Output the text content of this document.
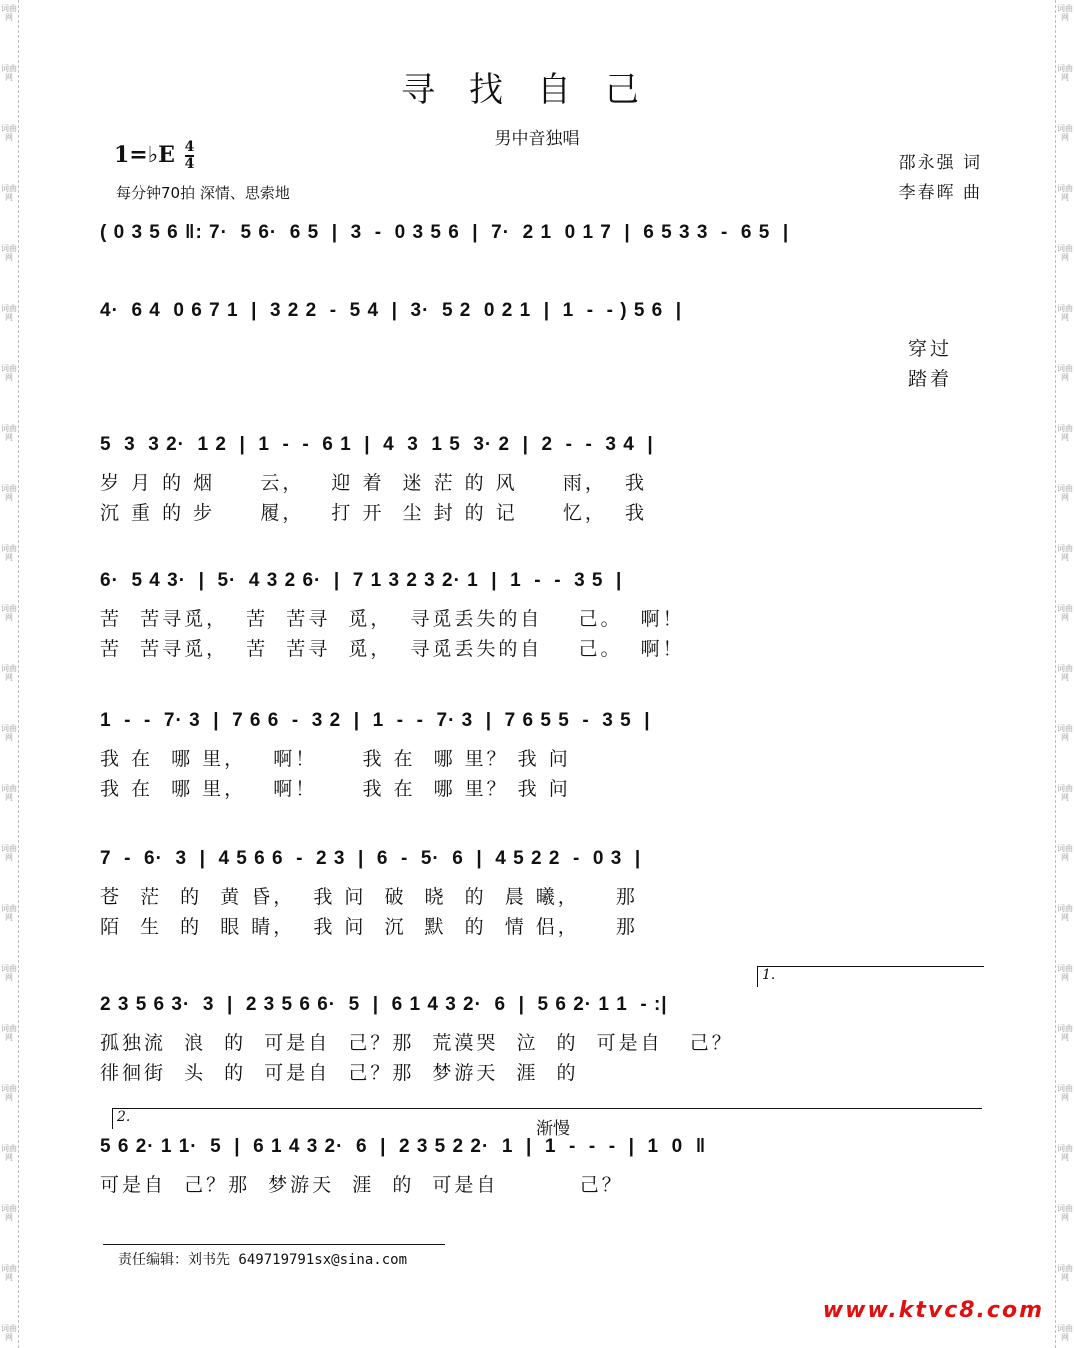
词曲网
词曲网
词曲网
词曲网
词曲网
词曲网
词曲网
词曲网
词曲网
词曲网
词曲网
词曲网
词曲网
词曲网
词曲网
词曲网
词曲网
词曲网
词曲网
词曲网
词曲网
词曲网
词曲网
词曲网
词曲网
词曲网
词曲网
词曲网
词曲网
词曲网
词曲网
词曲网
词曲网
词曲网
词曲网
词曲网
词曲网
词曲网
词曲网
词曲网
词曲网
词曲网
词曲网
词曲网
词曲网
词曲网
寻找自己
男中音独唱
1=♭E $\frac{4}{4}$
每分钟70拍 深情、思索地
邵永强 词
李春晖 曲
( 0 3 5 6 ‖: 7·  5 6·  6 5  |  3  -  0 3 5 6  |  7·  2 1  0 1 7  |  6 5 3 3  -  6 5  |
4·  6 4  0 6 7 1  |  3 2 2  -  5 4  |  3·  5 2  0 2 1  |  1  -  - ) 5 6  |
穿过
踏着
5  3  3 2·  1 2  |  1  -  -  6 1  |  4  3  1 5  3· 2  |  2  -  -  3 4  |
岁 月 的 烟     云，   迎 着  迷 茫 的 风     雨，  我
沉 重 的 步     履，   打 开  尘 封 的 记     忆，  我
6·  5 4 3·  |  5·  4 3 2 6·  |  7 1 3 2 3 2· 1  |  1  -  -  3 5  |
苦  苦寻觅，  苦  苦寻  觅，  寻觅丢失的自    己。  啊！
苦  苦寻觅，  苦  苦寻  觅，  寻觅丢失的自    己。  啊！
1  -  -  7· 3  |  7 6 6  -  3 2  |  1  -  -  7· 3  |  7 6 5 5  -  3 5  |
我 在  哪 里，   啊！     我 在  哪 里？ 我 问
我 在  哪 里，   啊！     我 在  哪 里？ 我 问
7  -  6·  3  |  4 5 6 6  -  2 3  |  6  -  5·  6  |  4 5 2 2  -  0 3  |
苍  茫  的  黄 昏，  我 问  破  晓  的  晨 曦，    那
陌  生  的  眼 睛，  我 问  沉  默  的  情 侣，    那
2 3 5 6 3·  3  |  2 3 5 6 6·  5  |  6 1 4 3 2·  6  |  5 6 2· 1 1  - :|
孤独流  浪  的  可是自  己？那  荒漠哭  泣  的  可是自   己？
徘徊街  头  的  可是自  己？那  梦游天  涯  的
5 6 2· 1 1·  5  |  6 1 4 3 2·  6  |  2 3 5 2 2·  1  |  1  -  -  -  |  1  0  ‖
可是自  己？那  梦游天  涯  的  可是自         己？
1.
2.
渐慢
责任编辑：刘书先 649719791sx@sina.com
www.ktvc8.com
